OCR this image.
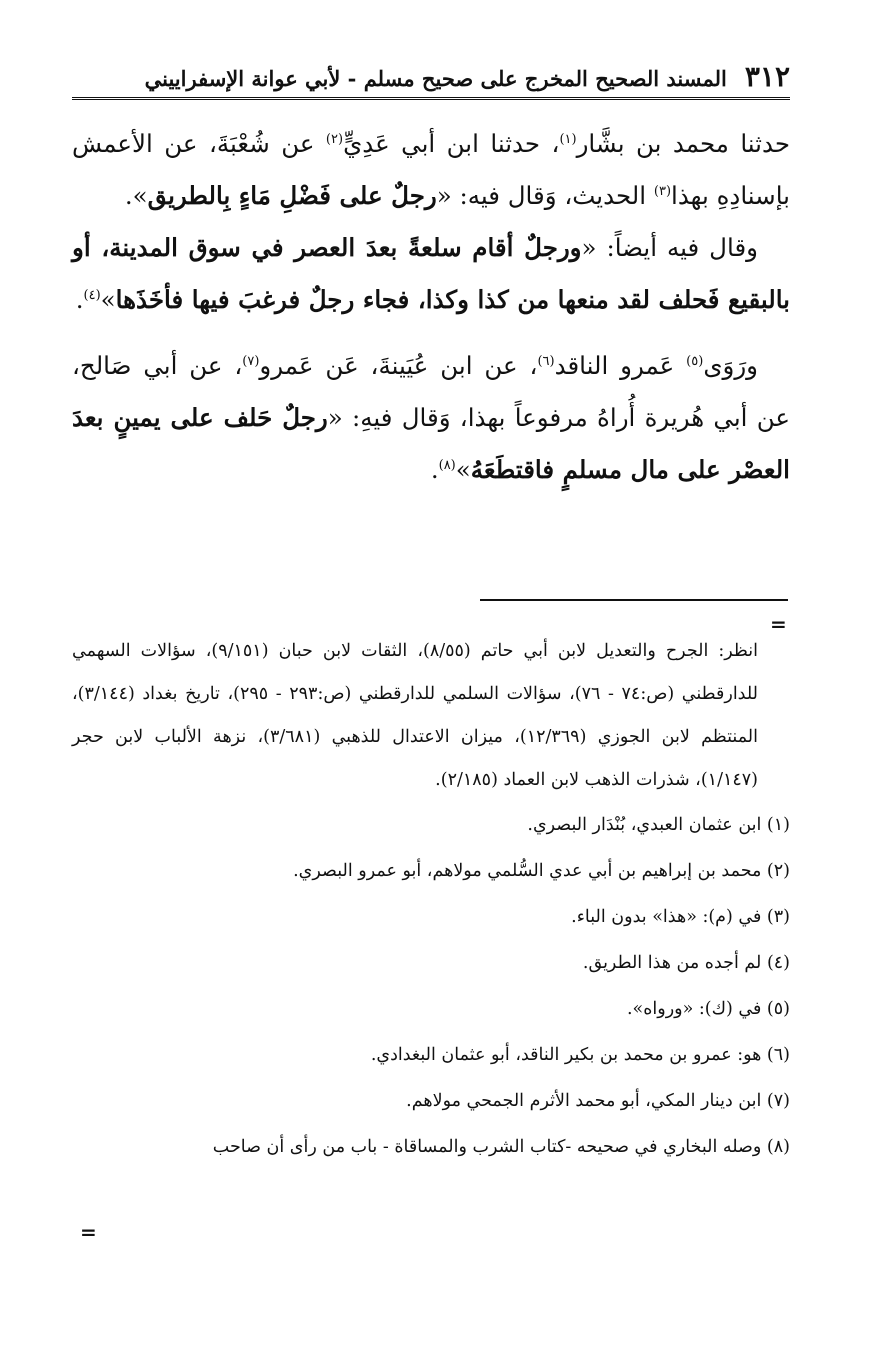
٣١٢
المسند الصحيح المخرج على صحيح مسلم - لأبي عوانة الإسفراييني

حدثنا محمد بن بشَّار$^{(١)}$، حدثنا ابن أبي عَدِيٍّ$^{(٢)}$ عن شُعْبَةَ، عن الأعمش بإسنادِهِ بهذا$^{(٣)}$ الحديث، وَقال فيه: «رجلٌ على فَضْلِ مَاءٍ بِالطريق».

وقال فيه أيضاً: «ورجلٌ أقام سلعةً بعدَ العصر في سوق المدينة، أو بالبقيع فَحلف لقد منعها من كذا وكذا، فجاء رجلٌ فرغبَ فيها فأخَذَها»$^{(٤)}$.

ورَوَى$^{(٥)}$ عَمرو الناقد$^{(٦)}$، عن ابن عُيَينةَ، عَن عَمرو$^{(٧)}$، عن أبي صَالح، عن أبي هُريرة أُراهُ مرفوعاً بهذا، وَقال فيهِ: «رجلٌ حَلف على يمينٍ بعدَ العصْر على مال مسلمٍ فاقتطَعَهُ»$^{(٨)}$.

=

انظر: الجرح والتعديل لابن أبي حاتم (٨/٥٥)، الثقات لابن حبان (٩/١٥١)، سؤالات السهمي للدارقطني (ص:٧٤ - ٧٦)، سؤالات السلمي للدارقطني (ص:٢٩٣ - ٢٩٥)، تاريخ بغداد (٣/١٤٤)، المنتظم لابن الجوزي (١٢/٣٦٩)، ميزان الاعتدال للذهبي (٣/٦٨١)، نزهة الألباب لابن حجر (١/١٤٧)، شذرات الذهب لابن العماد (٢/١٨٥).

(١) ابن عثمان العبدي، بُنْدَار البصري.

(٢) محمد بن إبراهيم بن أبي عدي السُّلمي مولاهم، أبو عمرو البصري.

(٣) في (م): «هذا» بدون الباء.

(٤) لم أجده من هذا الطريق.

(٥) في (ك): «ورواه».

(٦) هو: عمرو بن محمد بن بكير الناقد، أبو عثمان البغدادي.

(٧) ابن دينار المكي، أبو محمد الأثرم الجمحي مولاهم.

(٨) وصله البخاري في صحيحه -كتاب الشرب والمساقاة - باب من رأى أن صاحب

=
